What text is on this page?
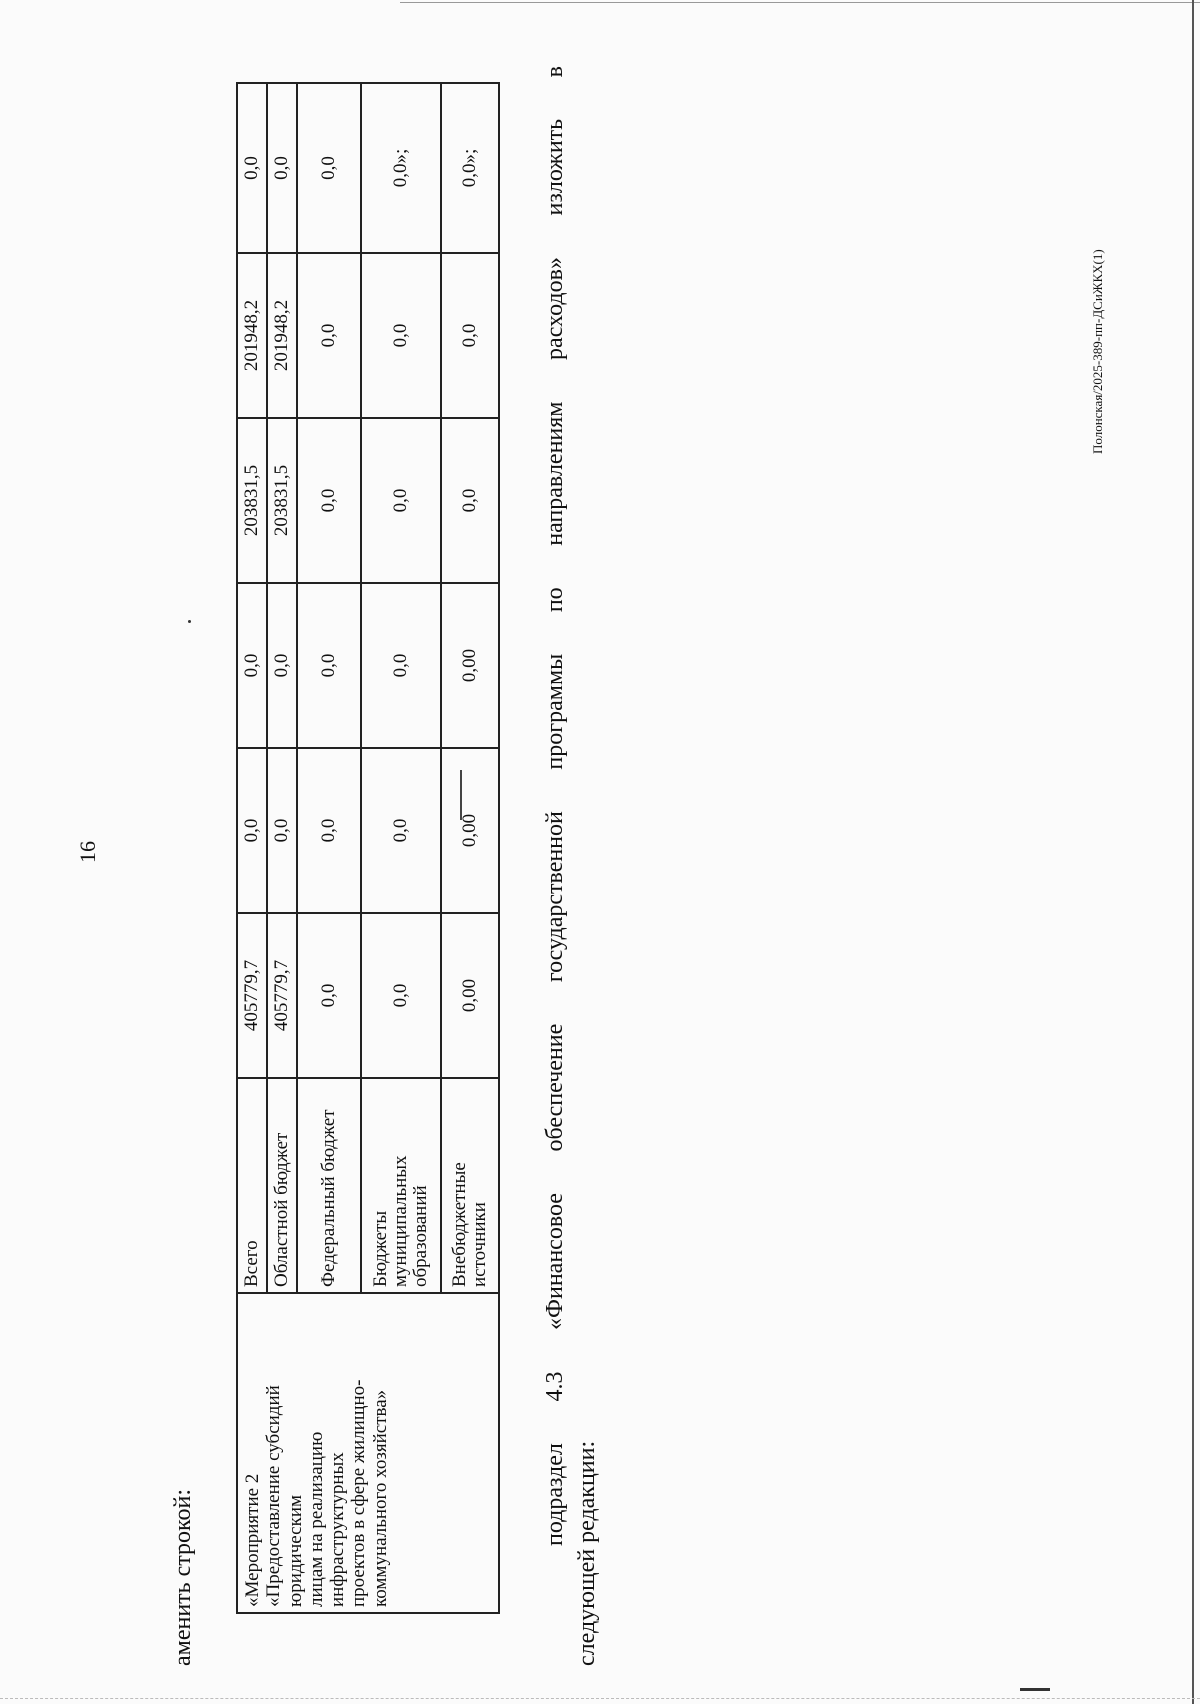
16
аменить строкой: «Мероприятие 2 «Предоставление субсидий юридическим лицам на реализацию инфраструктурных проектов в сфере жилищно- коммунального хозяйства»	Всего	405779,7	0,0	0,0	203831,5	201948,2	0,0
	Областной бюджет	405779,7	0,0	0,0	203831,5	201948,2	0,0
	Федеральный бюджет	0,0	0,0	0,0	0,0	0,0	0,0
	Бюджеты муниципальных образований	0,0	0,0	0,0	0,0	0,0	0,0»;
	Внебюджетные источники	0,00	0,00	0,00	0,0	0,0	0,0»;	подраздел 4.3 «Финансовое обеспечение государственной программы по направлениям расходов» изложить в
следующей редакции:
Полонская/2025-389-пп-ДСиЖКХ(1)
